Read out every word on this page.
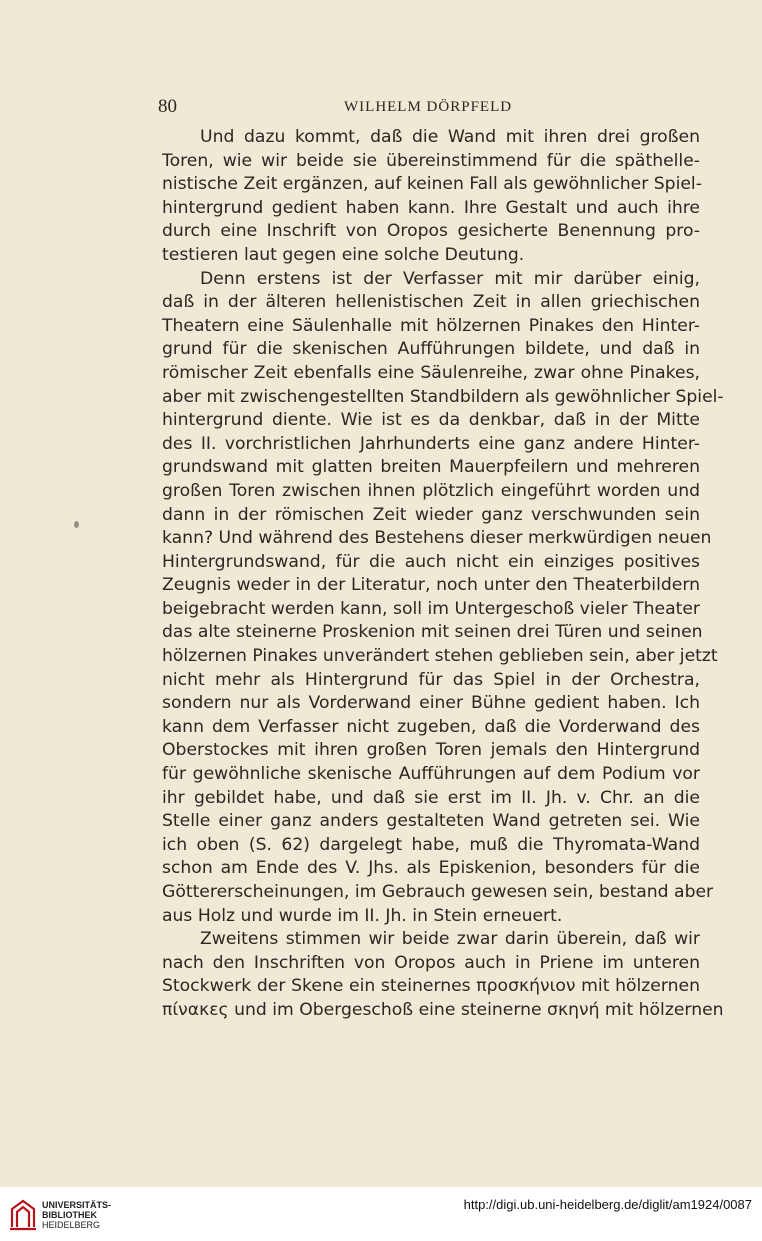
80	WILHELM DÖRPFELD
Und dazu kommt, daß die Wand mit ihren drei großen
Toren, wie wir beide sie übereinstimmend für die späthelle-
nistische Zeit ergänzen, auf keinen Fall als gewöhnlicher Spiel-
hintergrund gedient haben kann. Ihre Gestalt und auch ihre
durch eine Inschrift von Oropos gesicherte Benennung pro-
testieren laut gegen eine solche Deutung.
Denn erstens ist der Verfasser mit mir darüber einig,
daß in der älteren hellenistischen Zeit in allen griechischen
Theatern eine Säulenhalle mit hölzernen Pinakes den Hinter-
grund für die skenischen Aufführungen bildete, und daß in
römischer Zeit ebenfalls eine Säulenreihe, zwar ohne Pinakes,
aber mit zwischengestellten Standbildern als gewöhnlicher Spiel-
hintergrund diente. Wie ist es da denkbar, daß in der Mitte
des II. vorchristlichen Jahrhunderts eine ganz andere Hinter-
grundswand mit glatten breiten Mauerpfeilern und mehreren
großen Toren zwischen ihnen plötzlich eingeführt worden und
dann in der römischen Zeit wieder ganz verschwunden sein
kann? Und während des Bestehens dieser merkwürdigen neuen
Hintergrundswand, für die auch nicht ein einziges positives
Zeugnis weder in der Literatur, noch unter den Theaterbildern
beigebracht werden kann, soll im Untergeschoß vieler Theater
das alte steinerne Proskenion mit seinen drei Türen und seinen
hölzernen Pinakes unverändert stehen geblieben sein, aber jetzt
nicht mehr als Hintergrund für das Spiel in der Orchestra,
sondern nur als Vorderwand einer Bühne gedient haben. Ich
kann dem Verfasser nicht zugeben, daß die Vorderwand des
Oberstockes mit ihren großen Toren jemals den Hintergrund
für gewöhnliche skenische Aufführungen auf dem Podium vor
ihr gebildet habe, und daß sie erst im II. Jh. v. Chr. an die
Stelle einer ganz anders gestalteten Wand getreten sei. Wie
ich oben (S. 62) dargelegt habe, muß die Thyromata-Wand
schon am Ende des V. Jhs. als Episkenion, besonders für die
Göttererscheinungen, im Gebrauch gewesen sein, bestand aber
aus Holz und wurde im II. Jh. in Stein erneuert.
Zweitens stimmen wir beide zwar darin überein, daß wir
nach den Inschriften von Oropos auch in Priene im unteren
Stockwerk der Skene ein steinernes προσκήνιον mit hölzernen
πίνακες und im Obergeschoß eine steinerne σκηνή mit hölzernen
UNIVERSITÄTS-
BIBLIOTHEK
HEIDELBERG
http://digi.ub.uni-heidelberg.de/diglit/am1924/0087
